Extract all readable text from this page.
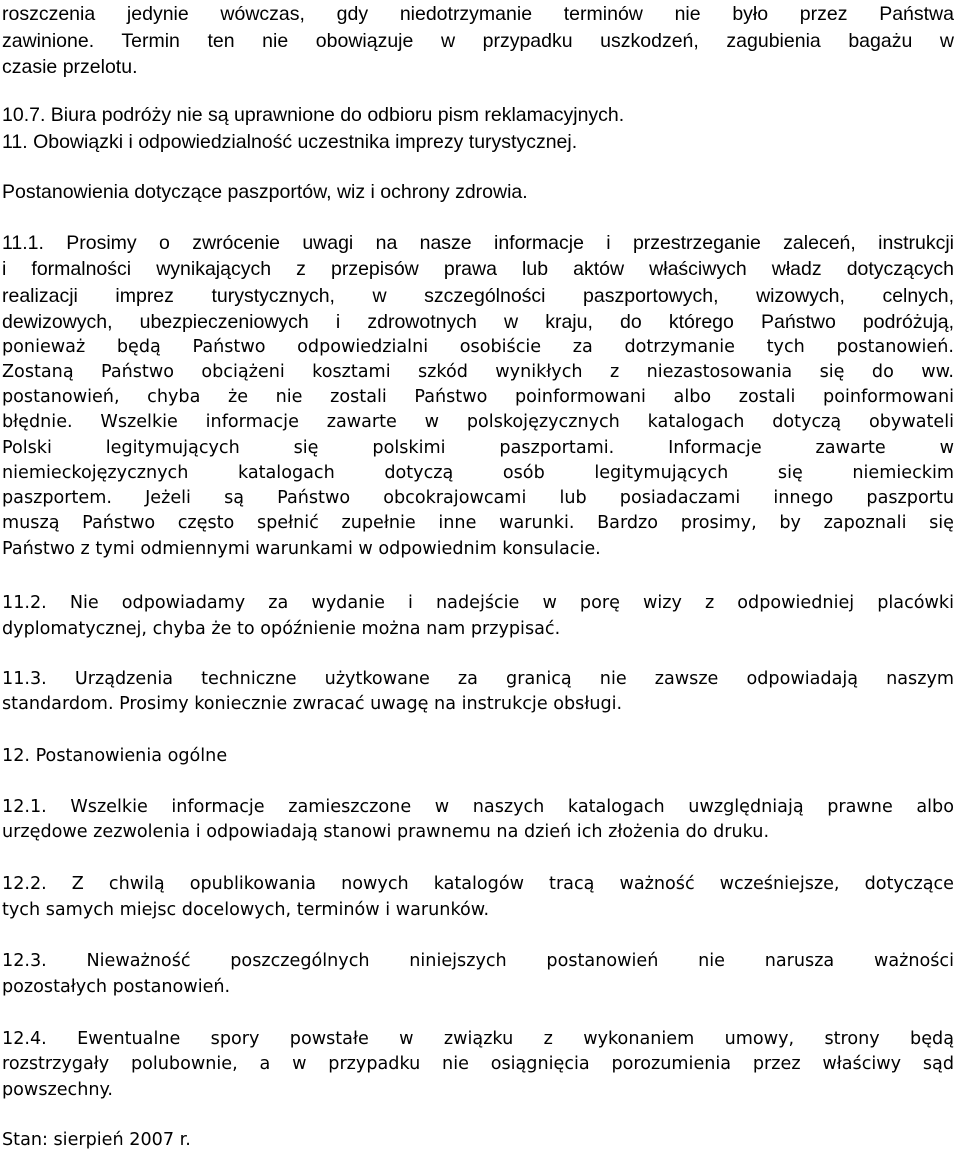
roszczenia jedynie wówczas, gdy niedotrzymanie terminów nie było przez Państwa
zawinione. Termin ten nie obowiązuje w przypadku uszkodzeń, zagubienia bagażu w
czasie przelotu.
10.7. Biura podróży nie są uprawnione do odbioru pism reklamacyjnych.
11. Obowiązki i odpowiedzialność uczestnika imprezy turystycznej.
Postanowienia dotyczące paszportów, wiz i ochrony zdrowia.
11.1. Prosimy o zwrócenie uwagi na nasze informacje i przestrzeganie zaleceń, instrukcji
i formalności wynikających z przepisów prawa lub aktów właściwych władz dotyczących
realizacji imprez turystycznych, w szczególności paszportowych, wizowych, celnych,
dewizowych, ubezpieczeniowych i zdrowotnych w kraju, do którego Państwo podróżują,
ponieważ będą Państwo odpowiedzialni osobiście za dotrzymanie tych postanowień.
Zostaną Państwo obciążeni kosztami szkód wynikłych z niezastosowania się do ww.
postanowień, chyba że nie zostali Państwo poinformowani albo zostali poinformowani
błędnie. Wszelkie informacje zawarte w polskojęzycznych katalogach dotyczą obywateli
Polski legitymujących się polskimi paszportami. Informacje zawarte w
niemieckojęzycznych katalogach dotyczą osób legitymujących się niemieckim
paszportem. Jeżeli są Państwo obcokrajowcami lub posiadaczami innego paszportu
muszą Państwo często spełnić zupełnie inne warunki. Bardzo prosimy, by zapoznali się
Państwo z tymi odmiennymi warunkami w odpowiednim konsulacie.
11.2. Nie odpowiadamy za wydanie i nadejście w porę wizy z odpowiedniej placówki
dyplomatycznej, chyba że to opóźnienie można nam przypisać.
11.3. Urządzenia techniczne użytkowane za granicą nie zawsze odpowiadają naszym
standardom. Prosimy koniecznie zwracać uwagę na instrukcje obsługi.
12. Postanowienia ogólne
12.1. Wszelkie informacje zamieszczone w naszych katalogach uwzględniają prawne albo
urzędowe zezwolenia i odpowiadają stanowi prawnemu na dzień ich złożenia do druku.
12.2. Z chwilą opublikowania nowych katalogów tracą ważność wcześniejsze, dotyczące
tych samych miejsc docelowych, terminów i warunków.
12.3. Nieważność poszczególnych niniejszych postanowień nie narusza ważności
pozostałych postanowień.
12.4. Ewentualne spory powstałe w związku z wykonaniem umowy, strony będą
rozstrzygały polubownie, a w przypadku nie osiągnięcia porozumienia przez właściwy sąd
powszechny.
Stan: sierpień 2007 r.
